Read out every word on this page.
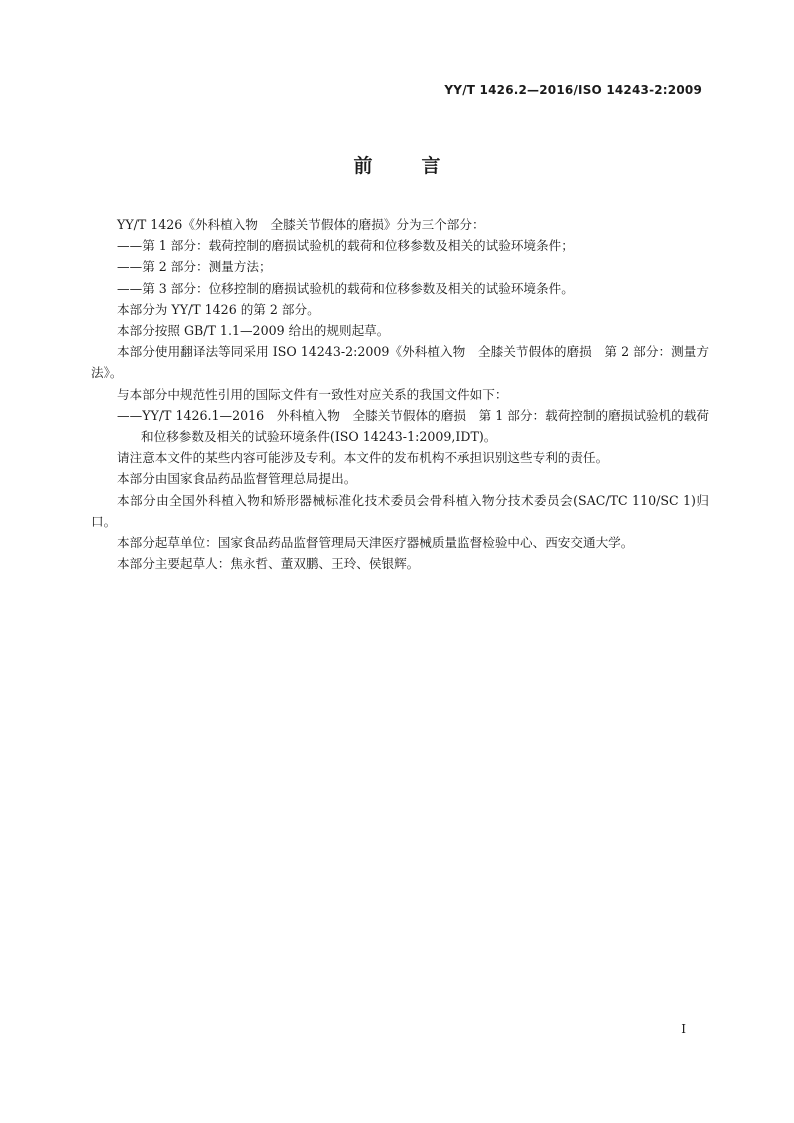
YY/T 1426.2—2016/ISO 14243-2:2009
前言

YY/T 1426《外科植入物　全膝关节假体的磨损》分为三个部分：

——第 1 部分：载荷控制的磨损试验机的载荷和位移参数及相关的试验环境条件；

——第 2 部分：测量方法；

——第 3 部分：位移控制的磨损试验机的载荷和位移参数及相关的试验环境条件。

本部分为 YY/T 1426 的第 2 部分。

本部分按照 GB/T 1.1—2009 给出的规则起草。

本部分使用翻译法等同采用 ISO 14243-2:2009《外科植入物　全膝关节假体的磨损　第 2 部分：测量方法》。

与本部分中规范性引用的国际文件有一致性对应关系的我国文件如下：

——YY/T 1426.1—2016　外科植入物　全膝关节假体的磨损　第 1 部分：载荷控制的磨损试验机的载荷和位移参数及相关的试验环境条件(ISO 14243-1:2009,IDT)。

请注意本文件的某些内容可能涉及专利。本文件的发布机构不承担识别这些专利的责任。

本部分由国家食品药品监督管理总局提出。

本部分由全国外科植入物和矫形器械标准化技术委员会骨科植入物分技术委员会(SAC/TC 110/SC 1)归口。

本部分起草单位：国家食品药品监督管理局天津医疗器械质量监督检验中心、西安交通大学。

本部分主要起草人：焦永哲、董双鹏、王玲、侯银辉。

I
